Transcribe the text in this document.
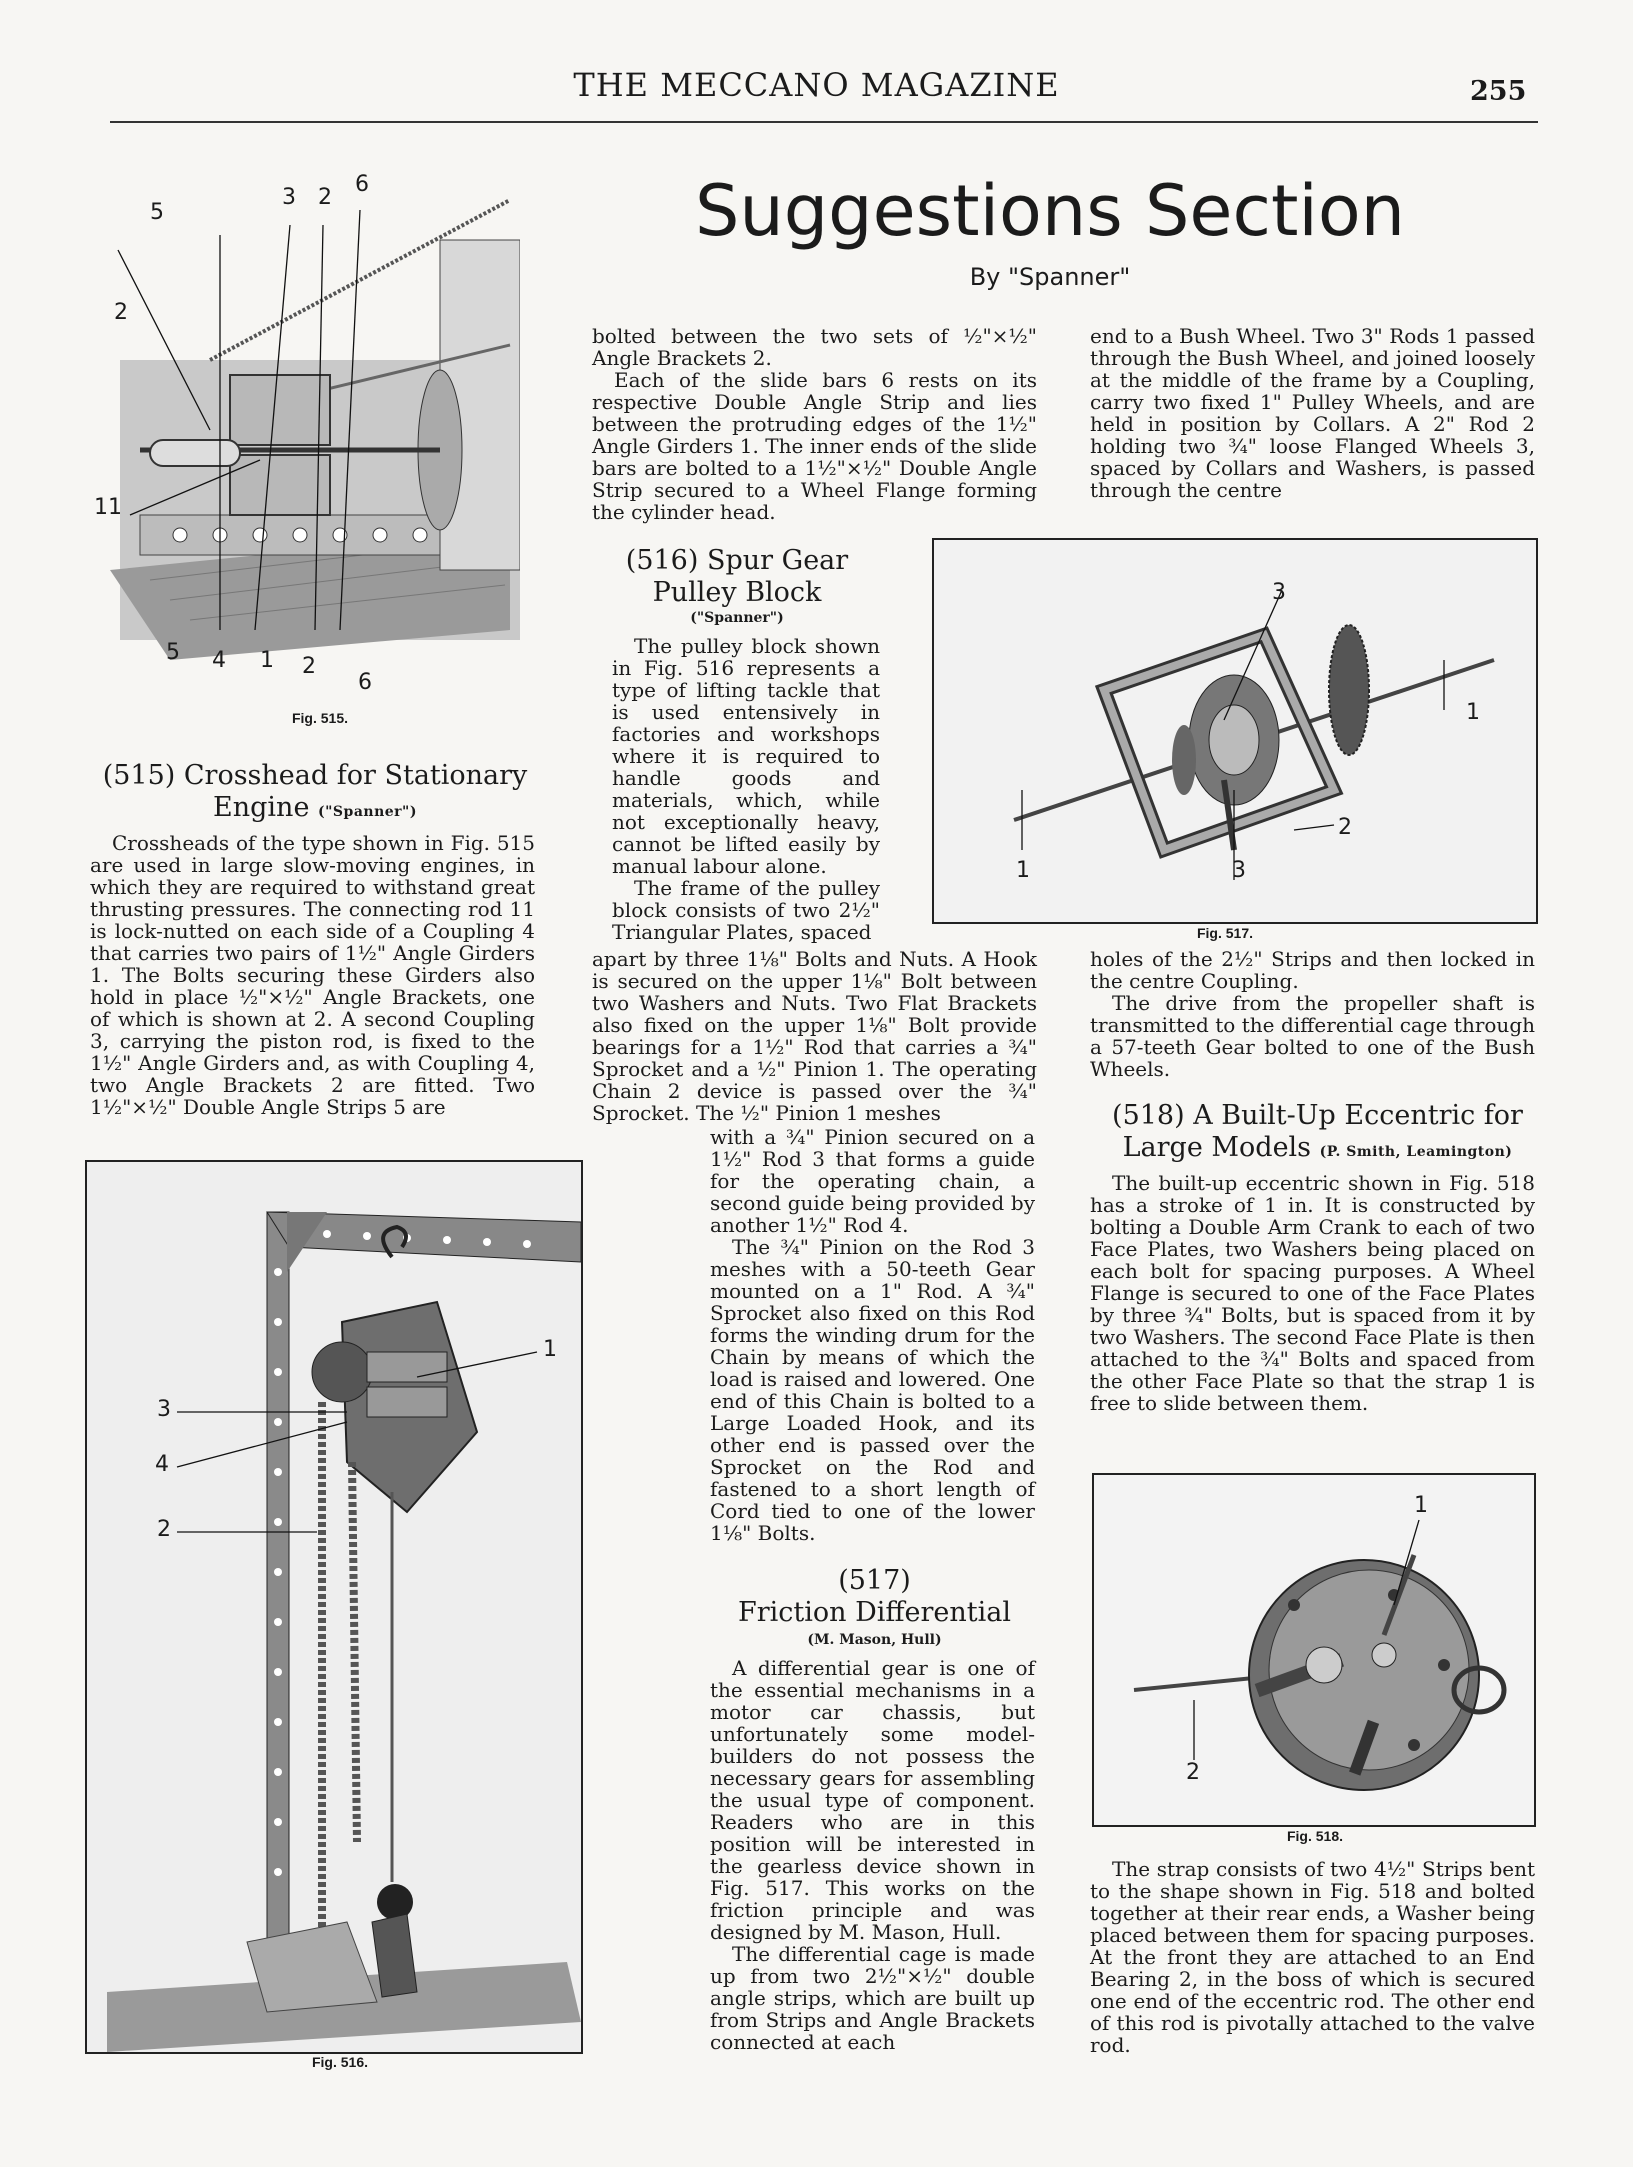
THE MECCANO MAGAZINE	255
Suggestions Section
By "Spanner"
5
3 2
6
2
11
5 4 1 2
6
Fig. 515.
(515) Crosshead for Stationary
Engine ("Spanner")

Crossheads of the type shown in Fig. 515 are used in large slow-moving engines, in which they are required to withstand great thrusting pressures. The connecting rod 11 is lock-nutted on each side of a Coupling 4 that carries two pairs of 1½" Angle Girders 1. The Bolts securing these Girders also hold in place ½"×½" Angle Brackets, one of which is shown at 2. A second Coupling 3, carrying the piston rod, is fixed to the 1½" Angle Girders and, as with Coupling 4, two Angle Brackets 2 are fitted. Two 1½"×½" Double Angle Strips 5 are

3
4
2
1
Fig. 516.

bolted between the two sets of ½"×½" Angle Brackets 2.

Each of the slide bars 6 rests on its respective Double Angle Strip and lies between the protruding edges of the 1½" Angle Girders 1. The inner ends of the slide bars are bolted to a 1½"×½" Double Angle Strip secured to a Wheel Flange forming the cylinder head.

(516) Spur Gear
Pulley Block
("Spanner")

The pulley block shown in Fig. 516 represents a type of lifting tackle that is used entensively in factories and workshops where it is required to handle goods and materials, which, while not exceptionally heavy, cannot be lifted easily by manual labour alone.

The frame of the pulley block consists of two 2½" Triangular Plates, spaced

apart by three 1⅛" Bolts and Nuts. A Hook is secured on the upper 1⅛" Bolt between two Washers and Nuts. Two Flat Brackets also fixed on the upper 1⅛" Bolt provide bearings for a 1½" Rod that carries a ¾" Sprocket and a ½" Pinion 1. The operating Chain 2 device is passed over the ¾" Sprocket. The ½" Pinion 1 meshes

with a ¾" Pinion secured on a 1½" Rod 3 that forms a guide for the operating chain, a second guide being provided by another 1½" Rod 4.

The ¾" Pinion on the Rod 3 meshes with a 50-teeth Gear mounted on a 1" Rod. A ¾" Sprocket also fixed on this Rod forms the winding drum for the Chain by means of which the load is raised and lowered. One end of this Chain is bolted to a Large Loaded Hook, and its other end is passed over the Sprocket on the Rod and fastened to a short length of Cord tied to one of the lower 1⅛" Bolts.

(517)
Friction Differential
(M. Mason, Hull)

A differential gear is one of the essential mechanisms in a motor car chassis, but unfortunately some model-builders do not possess the necessary gears for assembling the usual type of component. Readers who are in this position will be interested in the gearless device shown in Fig. 517. This works on the friction principle and was designed by M. Mason, Hull.

The differential cage is made up from two 2½"×½" double angle strips, which are built up from Strips and Angle Brackets connected at each

end to a Bush Wheel. Two 3" Rods 1 passed through the Bush Wheel, and joined loosely at the middle of the frame by a Coupling, carry two fixed 1" Pulley Wheels, and are held in position by Collars. A 2" Rod 2 holding two ¾" loose Flanged Wheels 3, spaced by Collars and Washers, is passed through the centre

3
1
1
2
3
Fig. 517.

holes of the 2½" Strips and then locked in the centre Coupling.

The drive from the propeller shaft is transmitted to the differential cage through a 57-teeth Gear bolted to one of the Bush Wheels.

(518) A Built-Up Eccentric for
Large Models (P. Smith, Leamington)

The built-up eccentric shown in Fig. 518 has a stroke of 1 in. It is constructed by bolting a Double Arm Crank to each of two Face Plates, two Washers being placed on each bolt for spacing purposes. A Wheel Flange is secured to one of the Face Plates by three ¾" Bolts, but is spaced from it by two Washers. The second Face Plate is then attached to the ¾" Bolts and spaced from the other Face Plate so that the strap 1 is free to slide between them.

1
2
Fig. 518.

The strap consists of two 4½" Strips bent to the shape shown in Fig. 518 and bolted together at their rear ends, a Washer being placed between them for spacing purposes. At the front they are attached to an End Bearing 2, in the boss of which is secured one end of the eccentric rod. The other end of this rod is pivotally attached to the valve rod.
